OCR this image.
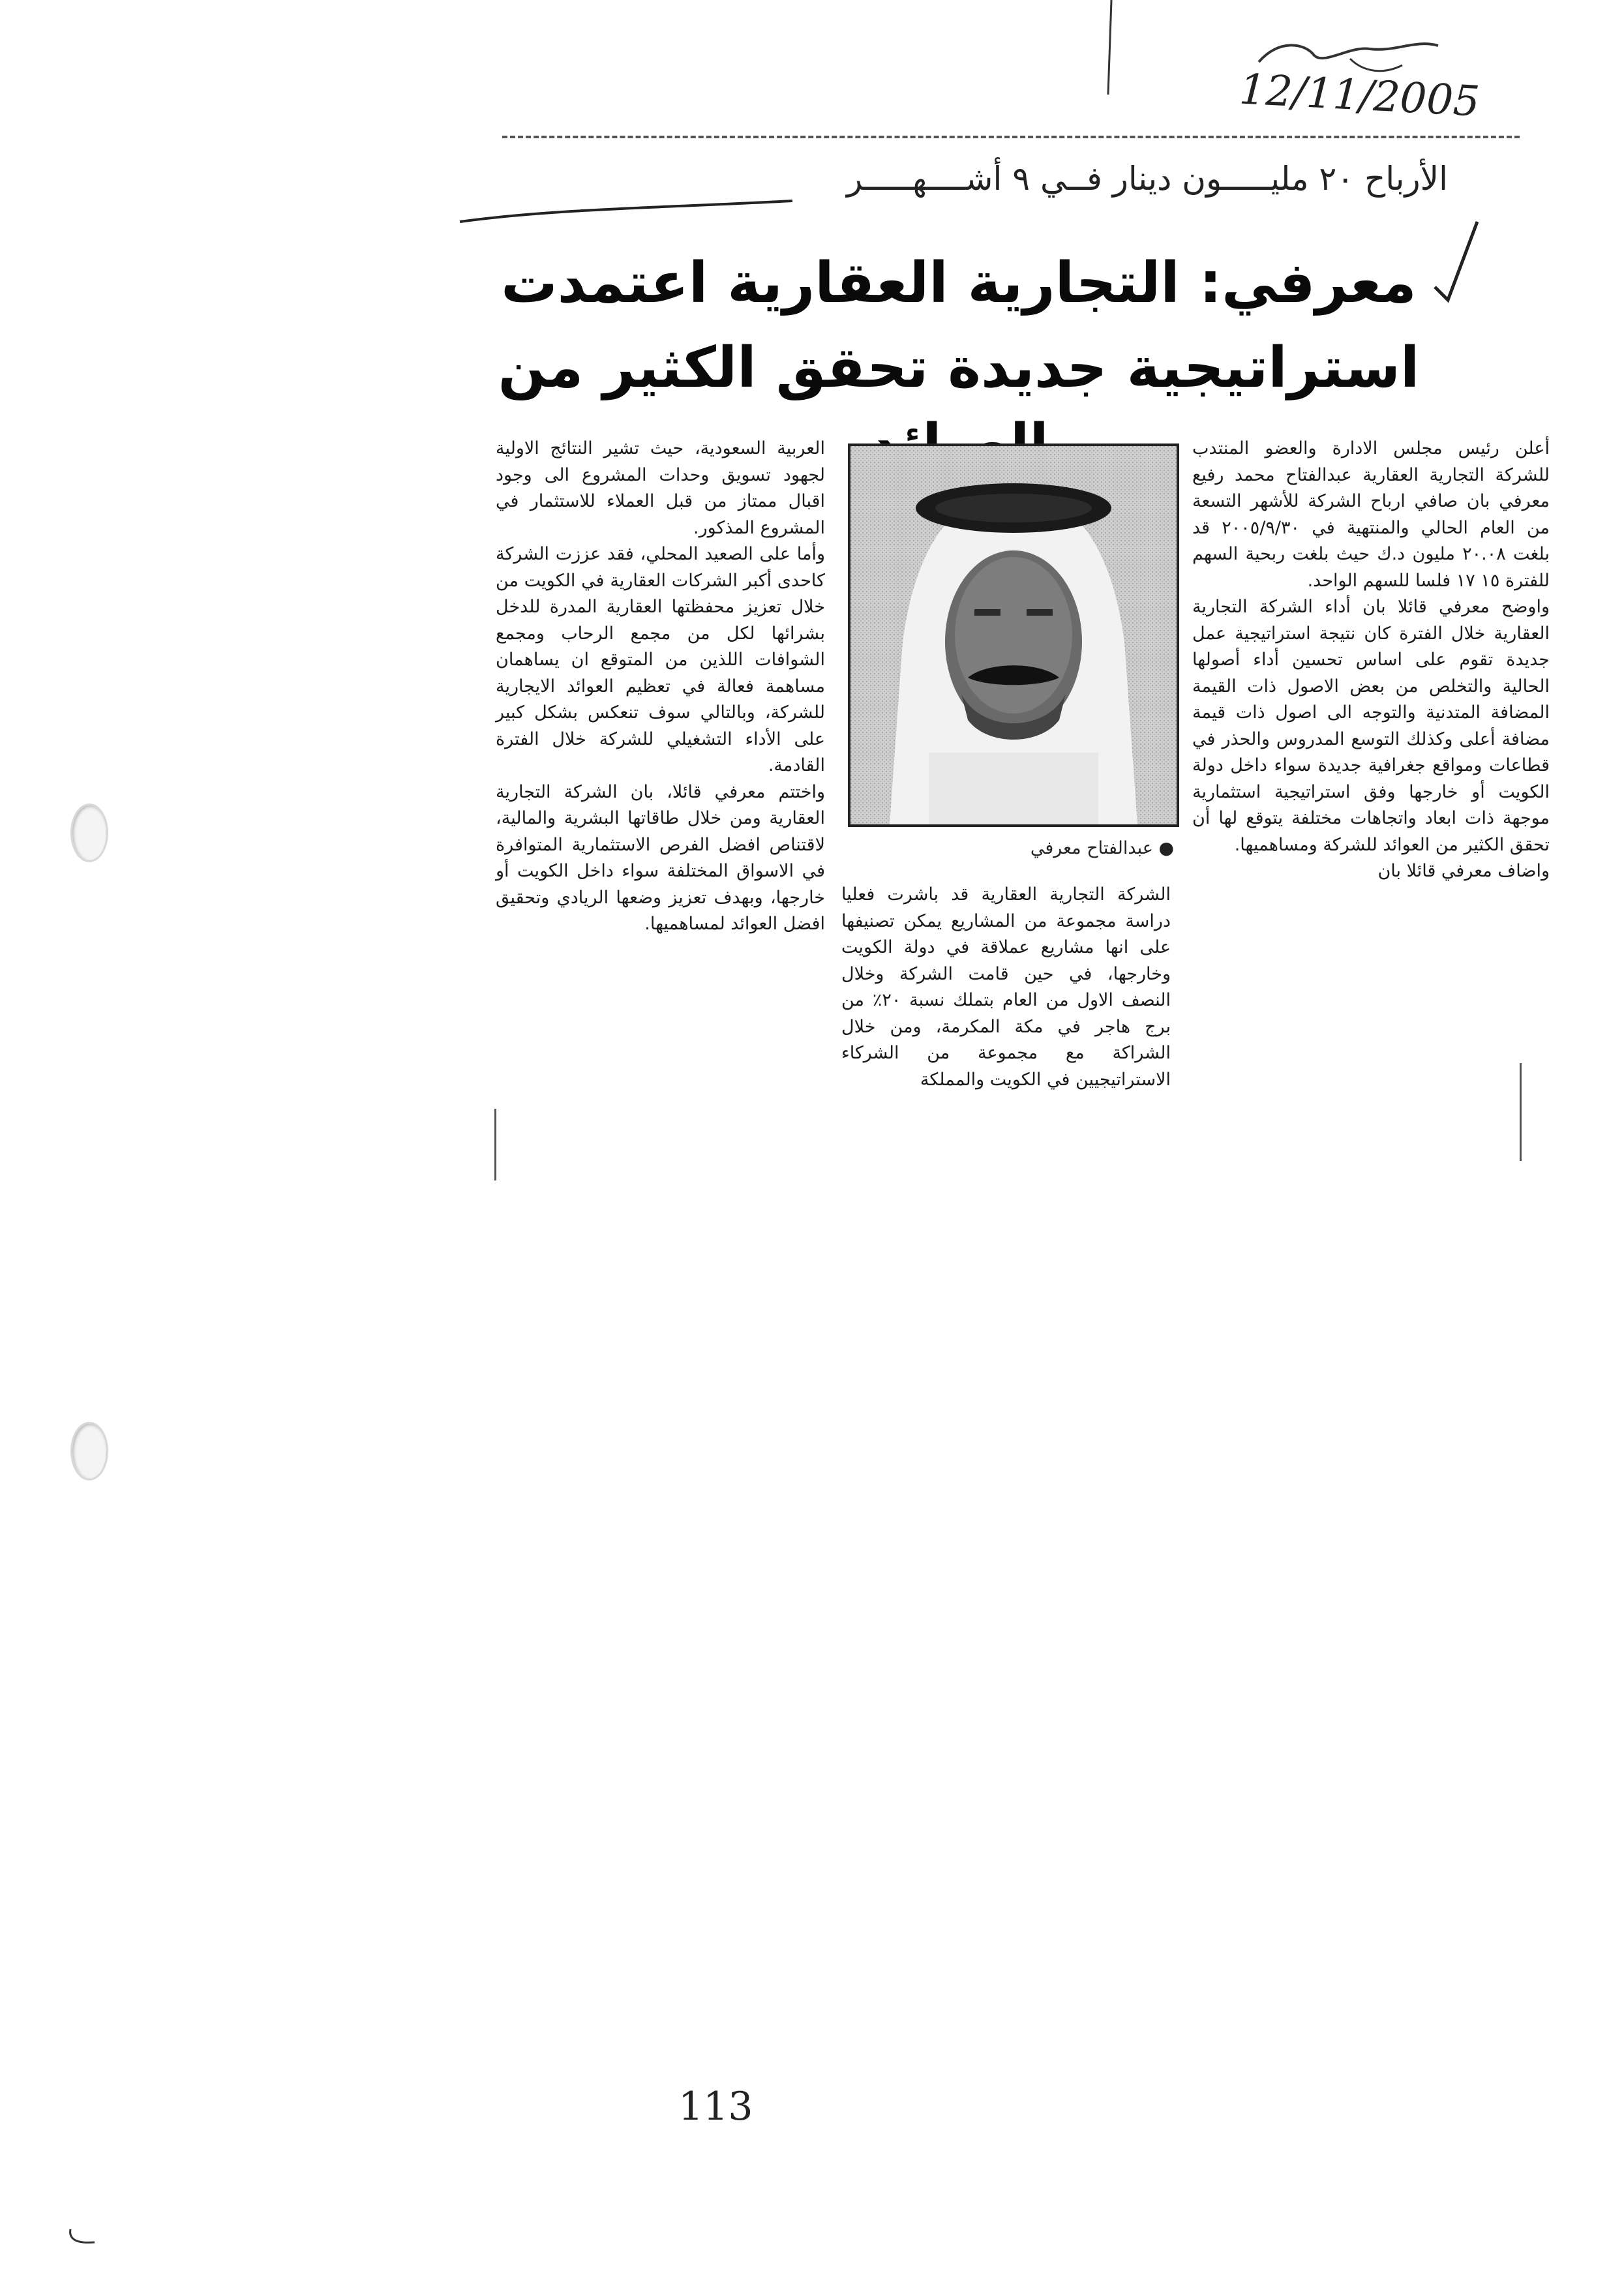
12/11/2005
الأرباح ٢٠ مليـــــون دينار فــي ٩ أشــــهـــــر
معرفي: التجارية العقارية اعتمدت
استراتيجية جديدة تحقق الكثير من

أعلن رئيس مجلس الادارة والعضو المنتدب للشركة التجارية العقارية عبدالفتاح محمد رفيع معرفي بان صافي ارباح الشركة للأشهر التسعة من العام الحالي والمنتهية في ٢٠٠٥/٩/٣٠ قد بلغت ٢٠.٠٨ مليون د.ك حيث بلغت ربحية السهم للفترة ١٥ ١٧ فلسا للسهم الواحد.
واوضح معرفي قائلا بان أداء الشركة التجارية العقارية خلال الفترة كان نتيجة استراتيجية عمل جديدة تقوم على اساس تحسين أداء أصولها الحالية والتخلص من بعض الاصول ذات القيمة المضافة المتدنية والتوجه الى اصول ذات قيمة مضافة أعلى وكذلك التوسع المدروس والحذر في قطاعات ومواقع جغرافية جديدة سواء داخل دولة الكويت أو خارجها وفق استراتيجية استثمارية موجهة ذات ابعاد واتجاهات مختلفة يتوقع لها أن تحقق الكثير من العوائد للشركة ومساهميها.
واضاف معرفي قائلا بان

● عبدالفتاح معرفي

الشركة التجارية العقارية قد باشرت فعليا دراسة مجموعة من المشاريع يمكن تصنيفها على انها مشاريع عملاقة في دولة الكويت وخارجها، في حين قامت الشركة وخلال النصف الاول من العام بتملك نسبة ٢٠٪ من برج هاجر في مكة المكرمة، ومن خلال الشراكة مع مجموعة من الشركاء الاستراتيجيين في الكويت والمملكة

العربية السعودية، حيث تشير النتائج الاولية لجهود تسويق وحدات المشروع الى وجود اقبال ممتاز من قبل العملاء للاستثمار في المشروع المذكور.
وأما على الصعيد المحلي، فقد عززت الشركة كاحدى أكبر الشركات العقارية في الكويت من خلال تعزيز محفظتها العقارية المدرة للدخل بشرائها لكل من مجمع الرحاب ومجمع الشوافات اللذين من المتوقع ان يساهمان مساهمة فعالة في تعظيم العوائد الايجارية للشركة، وبالتالي سوف تنعكس بشكل كبير على الأداء التشغيلي للشركة خلال الفترة القادمة.
واختتم معرفي قائلا، بان الشركة التجارية العقارية ومن خلال طاقاتها البشرية والمالية، لاقتناص افضل الفرص الاستثمارية المتوافرة في الاسواق المختلفة سواء داخل الكويت أو خارجها، وبهدف تعزيز وضعها الريادي وتحقيق افضل العوائد لمساهميها.

113
